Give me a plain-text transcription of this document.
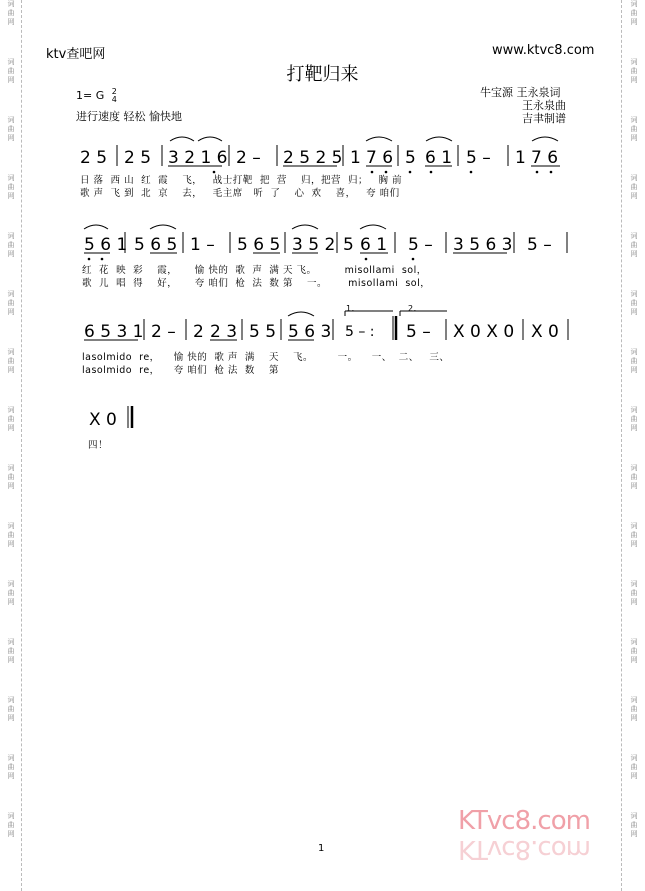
词
曲
网
词
曲
网
词
曲
网
词
曲
网
词
曲
网
词
曲
网
词
曲
网
词
曲
网
词
曲
网
词
曲
网
词
曲
网
词
曲
网
词
曲
网
词
曲
网
词
曲
网
词
曲
网
词
曲
网
词
曲
网
词
曲
网
词
曲
网
词
曲
网
词
曲
网
词
曲
网
词
曲
网
词
曲
网
词
曲
网
词
曲
网
词
曲
网
词
曲
网
词
曲
网
ktv查吧网	www.ktvc8.com
打靶归来
1= G 2
4
进行速度 轻松 愉快地
牛宝源 王永泉词
王永泉曲
吉聿制谱
2 5 2 5 3 2 1 6 2 – 2 5 2 5 1 7 6 5 6 1 5 – 1 7 6
5 6 1 5 6 5 1 – 5 6 5 3 5 2 5 6 1 5 – 3 5 6 3 5 –
6 5 3 1 2 – 2 2 3 5 5 5 6 3 5 – : 5 – X 0 X 0 X 0
X 0
1.	2.
日 落  西 山  红  霞    飞，   战士打靶  把  营    归，把营  归；   胸 前
歌 声  飞 到  北  京    去，   毛主席   听  了    心  欢    喜，   夸 咱们
红  花  映  彩    霞，     愉 快的  歌  声  满 天 飞。        misollami  sol，
歌  儿  唱  得    好，     夸 咱们  枪  法  数 第    一。      misollami  sol，
lasolmido  re，    愉 快的  歌 声  满    天    飞。       一。    一、  二、   三、
lasolmido  re，    夸 咱们  枪 法  数    第
四！
KTvc8.com
KTvc8.com
1
